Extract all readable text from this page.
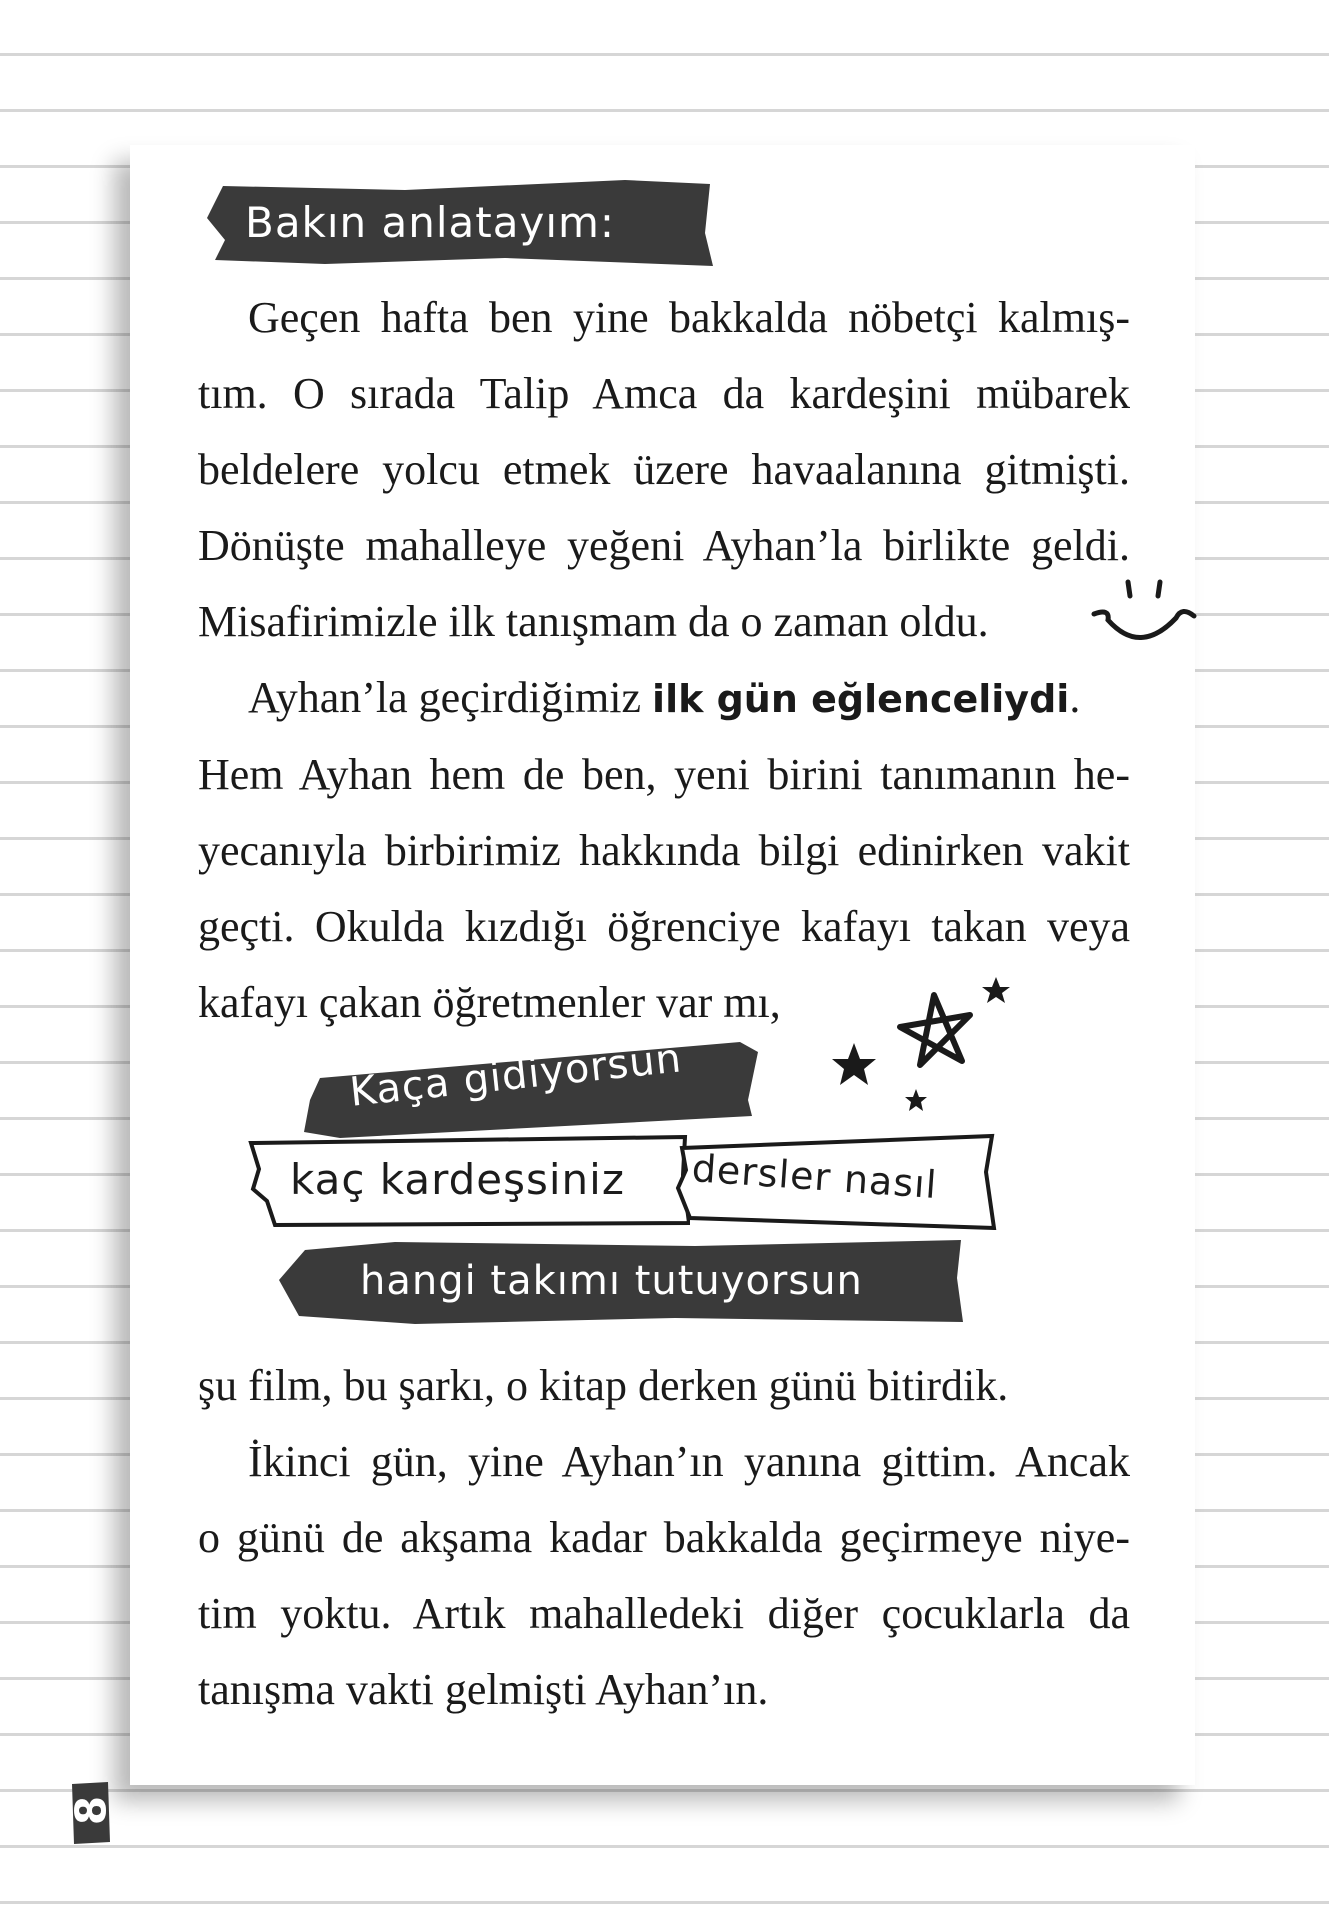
Bakın anlatayım:
Geçen hafta ben yine bakkalda nöbetçi kalmış-
tım. O sırada Talip Amca da kardeşini mübarek
beldelere yolcu etmek üzere havaalanına gitmişti.
Dönüşte mahalleye yeğeni Ayhan’la birlikte geldi.
Misafirimizle ilk tanışmam da o zaman oldu.
Ayhan’la geçirdiğimiz ilk gün eğlenceliydi.
Hem Ayhan hem de ben, yeni birini tanımanın he-
yecanıyla birbirimiz hakkında bilgi edinirken vakit
geçti. Okulda kızdığı öğrenciye kafayı takan veya
kafayı çakan öğretmenler var mı,
Kaça gidiyorsun
kaç kardeşsiniz dersler nasıl
hangi takımı tutuyorsun
şu film, bu şarkı, o kitap derken günü bitirdik.
İkinci gün, yine Ayhan’ın yanına gittim. Ancak
o günü de akşama kadar bakkalda geçirmeye niye-
tim yoktu. Artık mahalledeki diğer çocuklarla da
tanışma vakti gelmişti Ayhan’ın.
8
